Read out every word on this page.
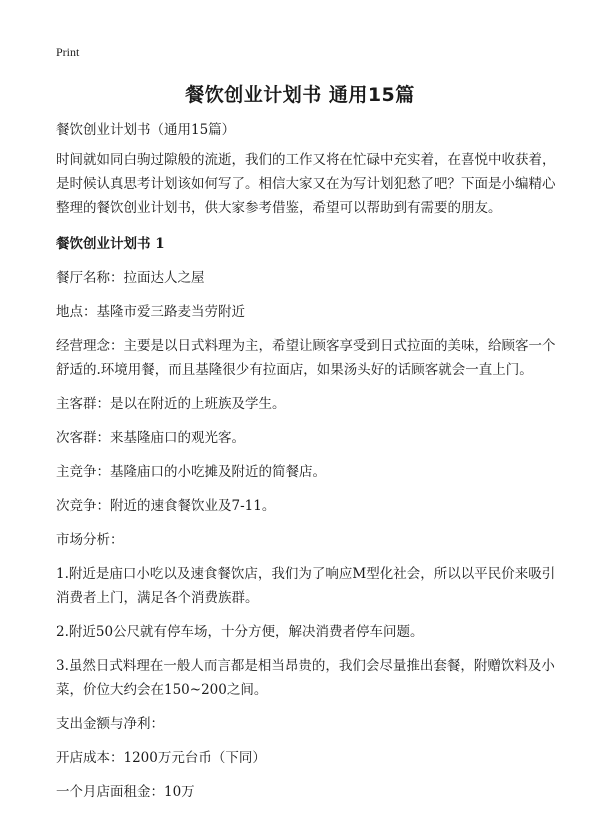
Print
餐饮创业计划书 通用15篇

餐饮创业计划书（通用15篇）

时间就如同白驹过隙般的流逝，我们的工作又将在忙碌中充实着，在喜悦中收获着，是时候认真思考计划该如何写了。相信大家又在为写计划犯愁了吧？下面是小编精心整理的餐饮创业计划书，供大家参考借鉴，希望可以帮助到有需要的朋友。

餐饮创业计划书 1

餐厅名称：拉面达人之屋

地点：基隆市爱三路麦当劳附近

经营理念：主要是以日式料理为主，希望让顾客享受到日式拉面的美味，给顾客一个舒适的.环境用餐，而且基隆很少有拉面店，如果汤头好的话顾客就会一直上门。

主客群：是以在附近的上班族及学生。

次客群：来基隆庙口的观光客。

主竞争：基隆庙口的小吃摊及附近的简餐店。

次竞争：附近的速食餐饮业及7-11。

市场分析：

1.附近是庙口小吃以及速食餐饮店，我们为了响应M型化社会，所以以平民价来吸引消费者上门，满足各个消费族群。

2.附近50公尺就有停车场，十分方便，解决消费者停车问题。

3.虽然日式料理在一般人而言都是相当昂贵的，我们会尽量推出套餐，附赠饮料及小菜，价位大约会在150~200之间。

支出金额与净利：

开店成本：1200万元台币（下同）

一个月店面租金：10万
